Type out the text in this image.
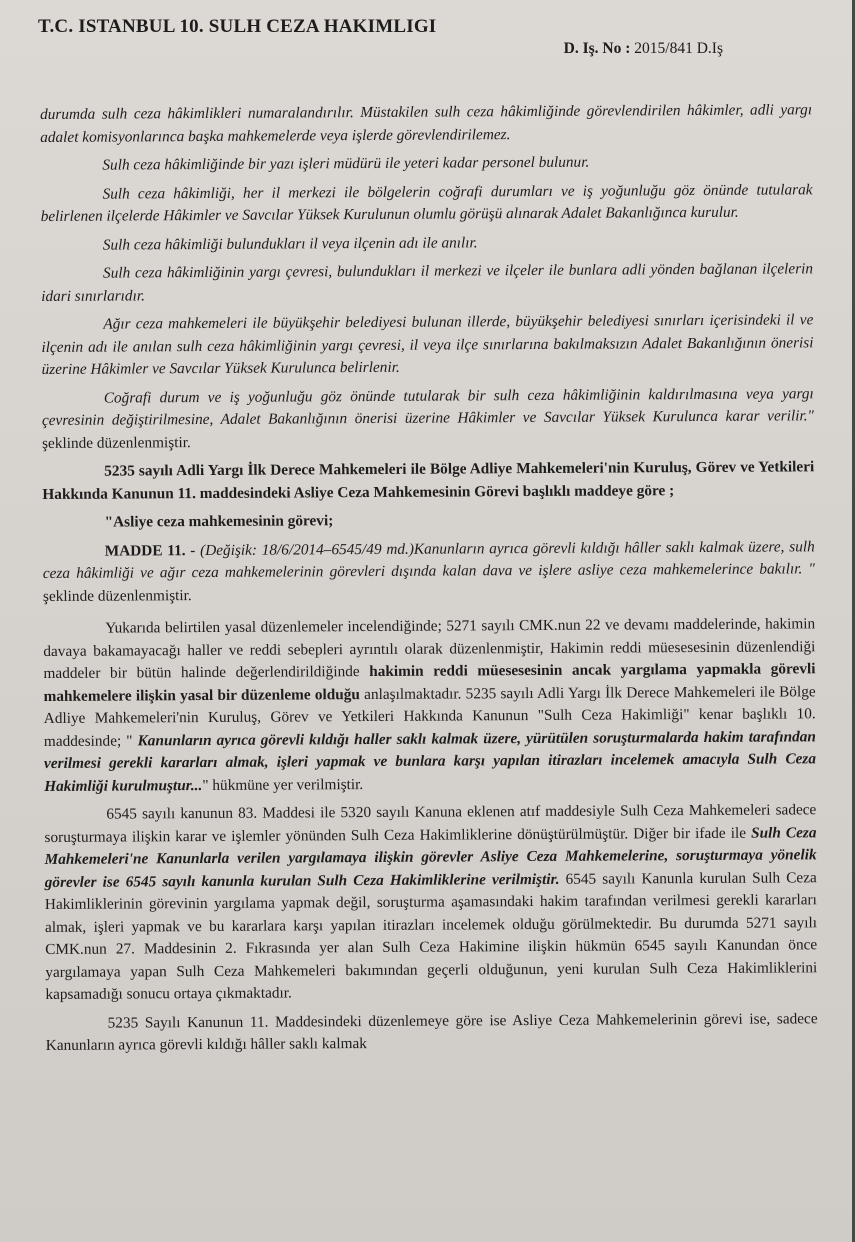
T.C. ISTANBUL 10. SULH CEZA HAKIMLIGI
D. Iş. No : 2015/841 D.Iş

durumda sulh ceza hâkimlikleri numaralandırılır. Müstakilen sulh ceza hâkimliğinde görevlendirilen hâkimler, adli yargı adalet komisyonlarınca başka mahkemelerde veya işlerde görevlendirilemez.

Sulh ceza hâkimliğinde bir yazı işleri müdürü ile yeteri kadar personel bulunur.

Sulh ceza hâkimliği, her il merkezi ile bölgelerin coğrafi durumları ve iş yoğunluğu göz önünde tutularak belirlenen ilçelerde Hâkimler ve Savcılar Yüksek Kurulunun olumlu görüşü alınarak Adalet Bakanlığınca kurulur.

Sulh ceza hâkimliği bulundukları il veya ilçenin adı ile anılır.

Sulh ceza hâkimliğinin yargı çevresi, bulundukları il merkezi ve ilçeler ile bunlara adli yönden bağlanan ilçelerin idari sınırlarıdır.

Ağır ceza mahkemeleri ile büyükşehir belediyesi bulunan illerde, büyükşehir belediyesi sınırları içerisindeki il ve ilçenin adı ile anılan sulh ceza hâkimliğinin yargı çevresi, il veya ilçe sınırlarına bakılmaksızın Adalet Bakanlığının önerisi üzerine Hâkimler ve Savcılar Yüksek Kurulunca belirlenir.

Coğrafi durum ve iş yoğunluğu göz önünde tutularak bir sulh ceza hâkimliğinin kaldırılmasına veya yargı çevresinin değiştirilmesine, Adalet Bakanlığının önerisi üzerine Hâkimler ve Savcılar Yüksek Kurulunca karar verilir." şeklinde düzenlenmiştir.

5235 sayılı Adli Yargı İlk Derece Mahkemeleri ile Bölge Adliye Mahkemeleri'nin Kuruluş, Görev ve Yetkileri Hakkında Kanunun 11. maddesindeki Asliye Ceza Mahkemesinin Görevi başlıklı maddeye göre ;

"Asliye ceza mahkemesinin görevi;

MADDE 11. - (Değişik: 18/6/2014–6545/49 md.)Kanunların ayrıca görevli kıldığı hâller saklı kalmak üzere, sulh ceza hâkimliği ve ağır ceza mahkemelerinin görevleri dışında kalan dava ve işlere asliye ceza mahkemelerince bakılır. " şeklinde düzenlenmiştir.

Yukarıda belirtilen yasal düzenlemeler incelendiğinde; 5271 sayılı CMK.nun 22 ve devamı maddelerinde, hakimin davaya bakamayacağı haller ve reddi sebepleri ayrıntılı olarak düzenlenmiştir, Hakimin reddi müesesesinin düzenlendiği maddeler bir bütün halinde değerlendirildiğinde hakimin reddi müesesesinin ancak yargılama yapmakla görevli mahkemelere ilişkin yasal bir düzenleme olduğu anlaşılmaktadır. 5235 sayılı Adli Yargı İlk Derece Mahkemeleri ile Bölge Adliye Mahkemeleri'nin Kuruluş, Görev ve Yetkileri Hakkında Kanunun "Sulh Ceza Hakimliği" kenar başlıklı 10. maddesinde; " Kanunların ayrıca görevli kıldığı haller saklı kalmak üzere, yürütülen soruşturmalarda hakim tarafından verilmesi gerekli kararları almak, işleri yapmak ve bunlara karşı yapılan itirazları incelemek amacıyla Sulh Ceza Hakimliği kurulmuştur..." hükmüne yer verilmiştir.

6545 sayılı kanunun 83. Maddesi ile 5320 sayılı Kanuna eklenen atıf maddesiyle Sulh Ceza Mahkemeleri sadece soruşturmaya ilişkin karar ve işlemler yönünden Sulh Ceza Hakimliklerine dönüştürülmüştür. Diğer bir ifade ile Sulh Ceza Mahkemeleri'ne Kanunlarla verilen yargılamaya ilişkin görevler Asliye Ceza Mahkemelerine, soruşturmaya yönelik görevler ise 6545 sayılı kanunla kurulan Sulh Ceza Hakimliklerine verilmiştir. 6545 sayılı Kanunla kurulan Sulh Ceza Hakimliklerinin görevinin yargılama yapmak değil, soruşturma aşamasındaki hakim tarafından verilmesi gerekli kararları almak, işleri yapmak ve bu kararlara karşı yapılan itirazları incelemek olduğu görülmektedir. Bu durumda 5271 sayılı CMK.nun 27. Maddesinin 2. Fıkrasında yer alan Sulh Ceza Hakimine ilişkin hükmün 6545 sayılı Kanundan önce yargılamaya yapan Sulh Ceza Mahkemeleri bakımından geçerli olduğunun, yeni kurulan Sulh Ceza Hakimliklerini kapsamadığı sonucu ortaya çıkmaktadır.

5235 Sayılı Kanunun 11. Maddesindeki düzenlemeye göre ise Asliye Ceza Mahkemelerinin görevi ise, sadece Kanunların ayrıca görevli kıldığı hâller saklı kalmak
